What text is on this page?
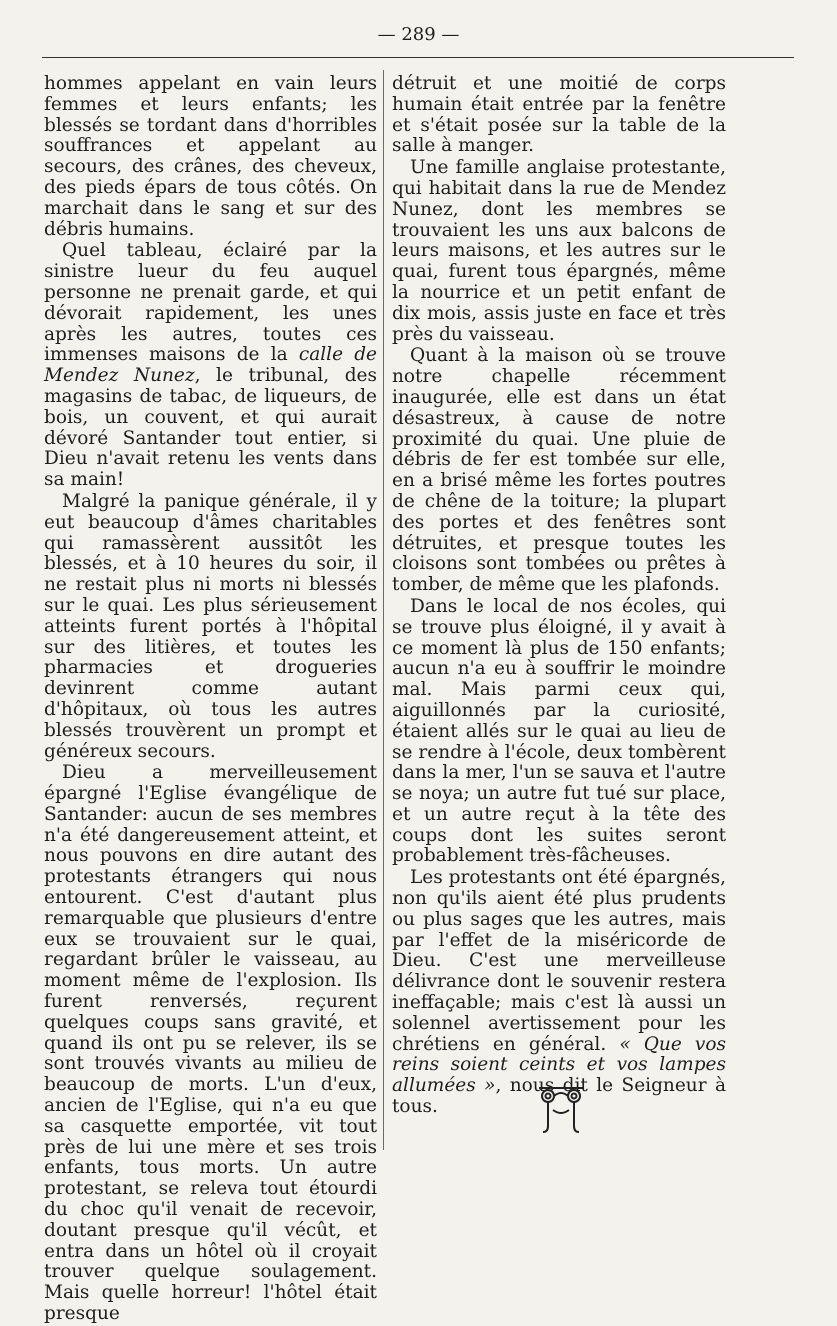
— 289 —

hommes appelant en vain leurs femmes et leurs enfants; les blessés se tordant dans d'horribles souffrances et appelant au secours, des crânes, des cheveux, des pieds épars de tous côtés. On marchait dans le sang et sur des débris humains.

Quel tableau, éclairé par la sinistre lueur du feu auquel personne ne prenait garde, et qui dévorait rapidement, les unes après les autres, toutes ces immenses maisons de la calle de Mendez Nunez, le tribunal, des magasins de tabac, de liqueurs, de bois, un couvent, et qui aurait dévoré Santander tout entier, si Dieu n'avait retenu les vents dans sa main!

Malgré la panique générale, il y eut beaucoup d'âmes charitables qui ramassèrent aussitôt les blessés, et à 10 heures du soir, il ne restait plus ni morts ni blessés sur le quai. Les plus sérieusement atteints furent portés à l'hôpital sur des litières, et toutes les pharmacies et drogueries devinrent comme autant d'hôpitaux, où tous les autres blessés trouvèrent un prompt et généreux secours.

Dieu a merveilleusement épargné l'Eglise évangélique de Santander: aucun de ses membres n'a été dangereusement atteint, et nous pouvons en dire autant des protestants étrangers qui nous entourent. C'est d'autant plus remarquable que plusieurs d'entre eux se trouvaient sur le quai, regardant brûler le vaisseau, au moment même de l'explosion. Ils furent renversés, reçurent quelques coups sans gravité, et quand ils ont pu se relever, ils se sont trouvés vivants au milieu de beaucoup de morts. L'un d'eux, ancien de l'Eglise, qui n'a eu que sa casquette emportée, vit tout près de lui une mère et ses trois enfants, tous morts. Un autre protestant, se releva tout étourdi du choc qu'il venait de recevoir, doutant presque qu'il vécût, et entra dans un hôtel où il croyait trouver quelque soulagement. Mais quelle horreur! l'hôtel était presque

détruit et une moitié de corps humain était entrée par la fenêtre et s'était posée sur la table de la salle à manger.

Une famille anglaise protestante, qui habitait dans la rue de Mendez Nunez, dont les membres se trouvaient les uns aux balcons de leurs maisons, et les autres sur le quai, furent tous épargnés, même la nourrice et un petit enfant de dix mois, assis juste en face et très près du vaisseau.

Quant à la maison où se trouve notre chapelle récemment inaugurée, elle est dans un état désastreux, à cause de notre proximité du quai. Une pluie de débris de fer est tombée sur elle, en a brisé même les fortes poutres de chêne de la toiture; la plupart des portes et des fenêtres sont détruites, et presque toutes les cloisons sont tombées ou prêtes à tomber, de même que les plafonds.

Dans le local de nos écoles, qui se trouve plus éloigné, il y avait à ce moment là plus de 150 enfants; aucun n'a eu à souffrir le moindre mal. Mais parmi ceux qui, aiguillonnés par la curiosité, étaient allés sur le quai au lieu de se rendre à l'école, deux tombèrent dans la mer, l'un se sauva et l'autre se noya; un autre fut tué sur place, et un autre reçut à la tête des coups dont les suites seront probablement très-fâcheuses.

Les protestants ont été épargnés, non qu'ils aient été plus prudents ou plus sages que les autres, mais par l'effet de la miséricorde de Dieu. C'est une merveilleuse délivrance dont le souvenir restera ineffaçable; mais c'est là aussi un solennel avertissement pour les chrétiens en général. « Que vos reins soient ceints et vos lampes allumées », nous dit le Seigneur à tous.
